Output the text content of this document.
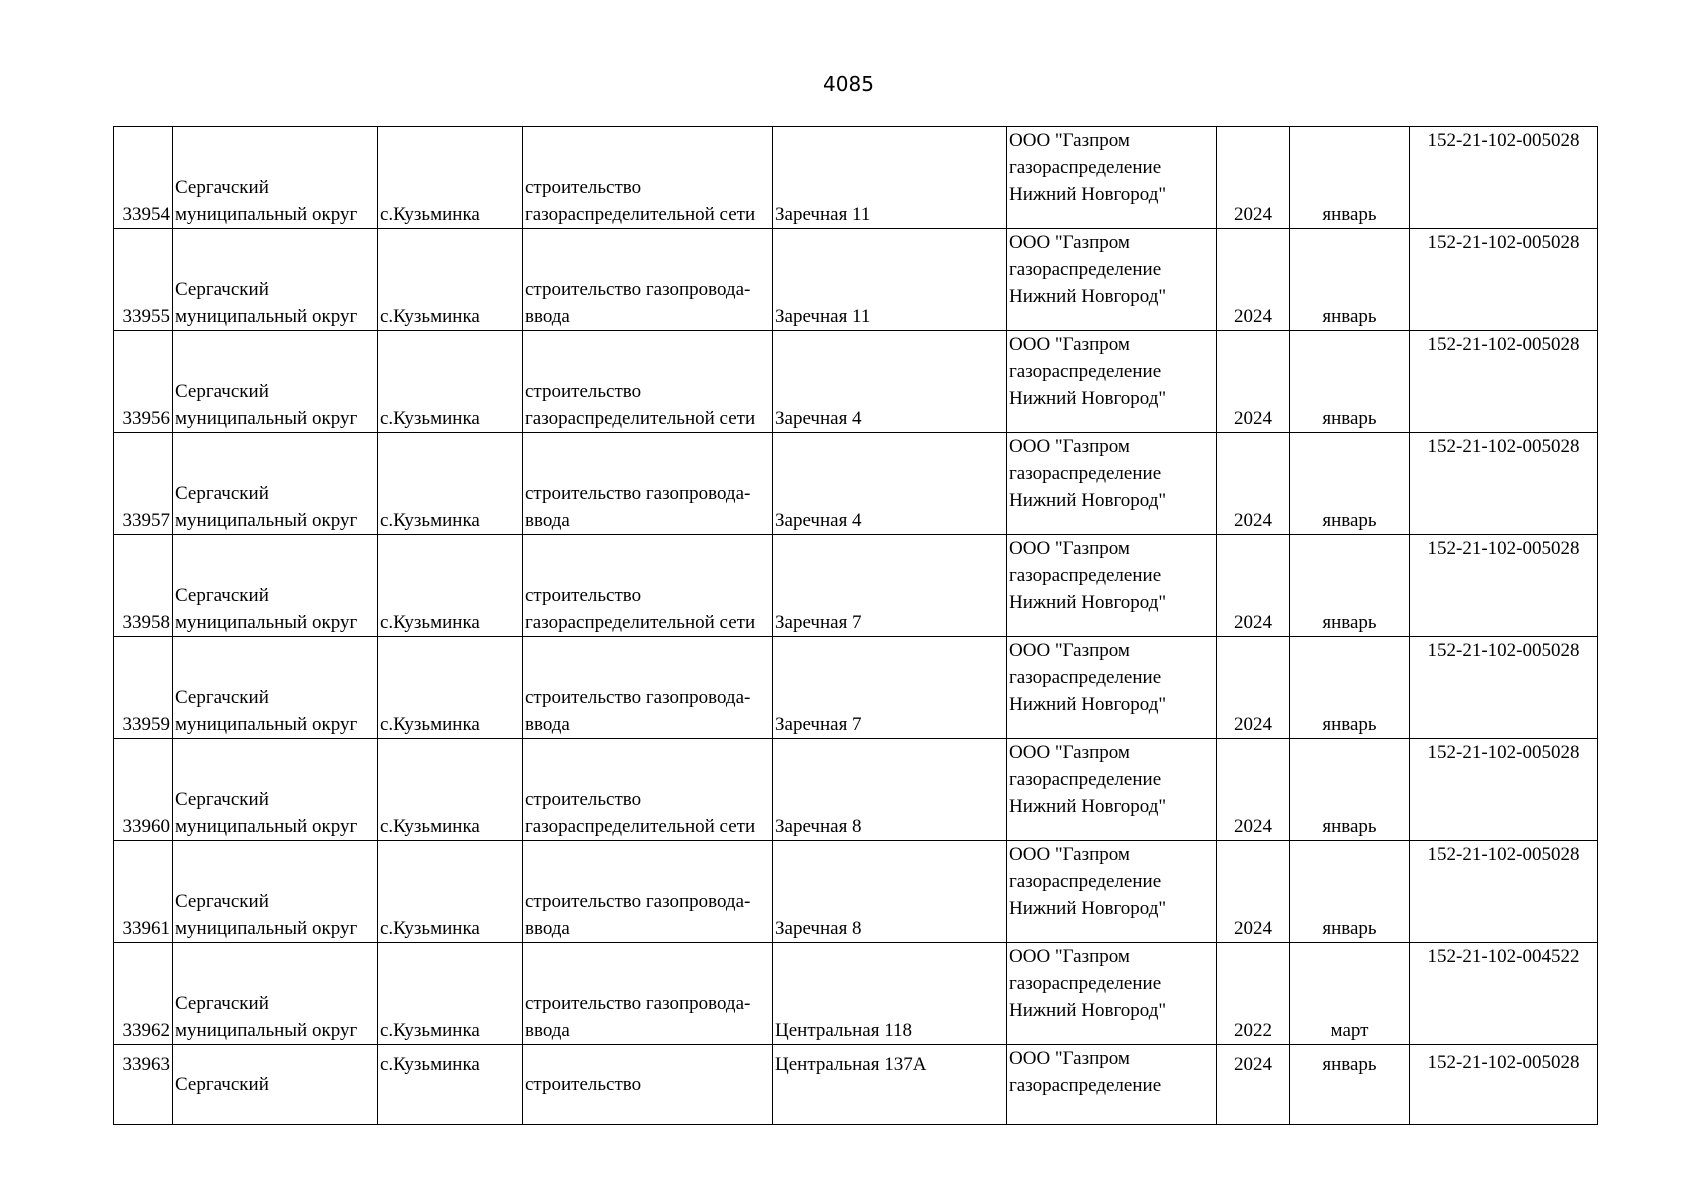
4085
33954	Сергачский
муниципальный округ	с.Кузьминка	строительство
газораспределительной сети	Заречная 11	ООО "Газпром
газораспределение
Нижний Новгород"	2024	январь	152-21-102-005028
33955	Сергачский
муниципальный округ	с.Кузьминка	строительство газопровода-
ввода	Заречная 11	ООО "Газпром
газораспределение
Нижний Новгород"	2024	январь	152-21-102-005028
33956	Сергачский
муниципальный округ	с.Кузьминка	строительство
газораспределительной сети	Заречная 4	ООО "Газпром
газораспределение
Нижний Новгород"	2024	январь	152-21-102-005028
33957	Сергачский
муниципальный округ	с.Кузьминка	строительство газопровода-
ввода	Заречная 4	ООО "Газпром
газораспределение
Нижний Новгород"	2024	январь	152-21-102-005028
33958	Сергачский
муниципальный округ	с.Кузьминка	строительство
газораспределительной сети	Заречная 7	ООО "Газпром
газораспределение
Нижний Новгород"	2024	январь	152-21-102-005028
33959	Сергачский
муниципальный округ	с.Кузьминка	строительство газопровода-
ввода	Заречная 7	ООО "Газпром
газораспределение
Нижний Новгород"	2024	январь	152-21-102-005028
33960	Сергачский
муниципальный округ	с.Кузьминка	строительство
газораспределительной сети	Заречная 8	ООО "Газпром
газораспределение
Нижний Новгород"	2024	январь	152-21-102-005028
33961	Сергачский
муниципальный округ	с.Кузьминка	строительство газопровода-
ввода	Заречная 8	ООО "Газпром
газораспределение
Нижний Новгород"	2024	январь	152-21-102-005028
33962	Сергачский
муниципальный округ	с.Кузьминка	строительство газопровода-
ввода	Центральная 118	ООО "Газпром
газораспределение
Нижний Новгород"	2022	март	152-21-102-004522
33963	Сергачский	с.Кузьминка	строительство	Центральная 137А	ООО "Газпром
газораспределение	2024	январь	152-21-102-005028
